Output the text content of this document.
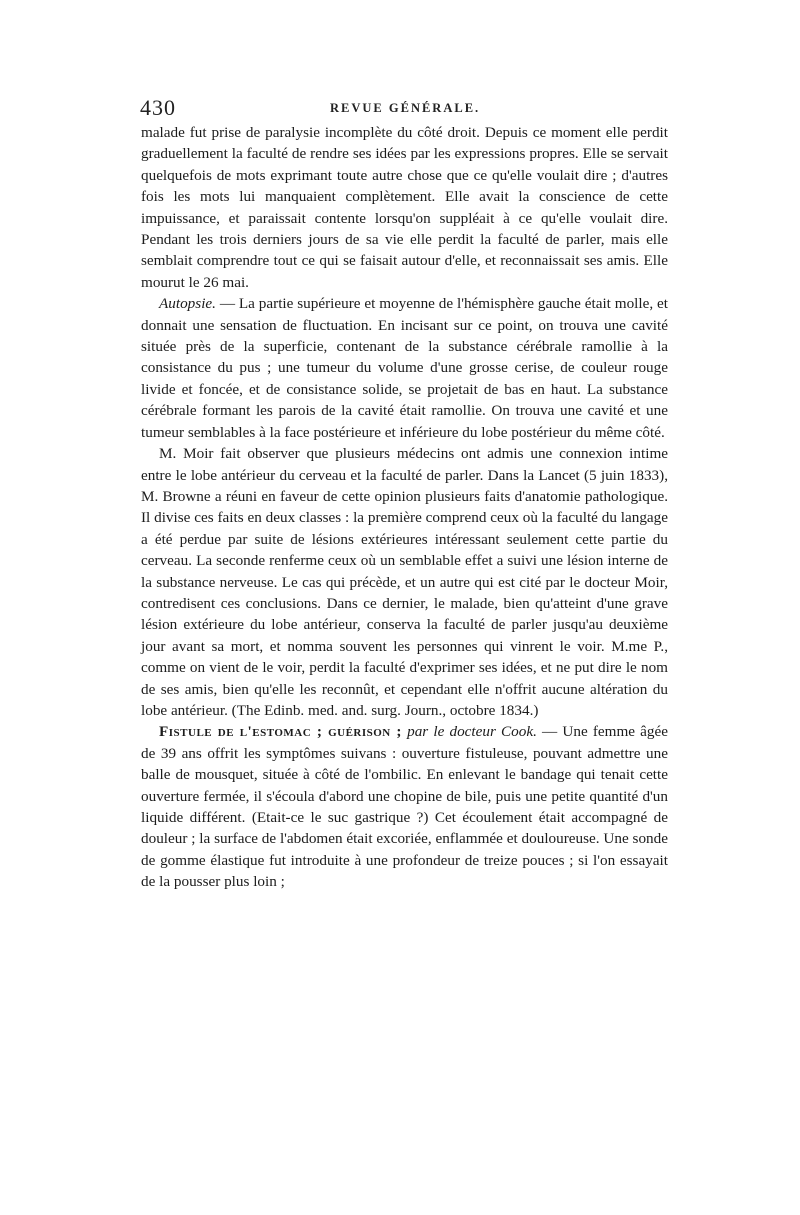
430	REVUE GÉNÉRALE.

malade fut prise de paralysie incomplète du côté droit. Depuis ce moment elle perdit graduellement la faculté de rendre ses idées par les expressions propres. Elle se servait quelquefois de mots exprimant toute autre chose que ce qu'elle voulait dire ; d'autres fois les mots lui manquaient complètement. Elle avait la conscience de cette impuissance, et paraissait contente lorsqu'on suppléait à ce qu'elle voulait dire. Pendant les trois derniers jours de sa vie elle perdit la faculté de parler, mais elle semblait comprendre tout ce qui se faisait autour d'elle, et reconnaissait ses amis. Elle mourut le 26 mai.

Autopsie. — La partie supérieure et moyenne de l'hémisphère gauche était molle, et donnait une sensation de fluctuation. En incisant sur ce point, on trouva une cavité située près de la superficie, contenant de la substance cérébrale ramollie à la consistance du pus ; une tumeur du volume d'une grosse cerise, de couleur rouge livide et foncée, et de consistance solide, se projetait de bas en haut. La substance cérébrale formant les parois de la cavité était ramollie. On trouva une cavité et une tumeur semblables à la face postérieure et inférieure du lobe postérieur du même côté.

M. Moir fait observer que plusieurs médecins ont admis une connexion intime entre le lobe antérieur du cerveau et la faculté de parler. Dans la Lancet (5 juin 1833), M. Browne a réuni en faveur de cette opinion plusieurs faits d'anatomie pathologique. Il divise ces faits en deux classes : la première comprend ceux où la faculté du langage a été perdue par suite de lésions extérieures intéressant seulement cette partie du cerveau. La seconde renferme ceux où un semblable effet a suivi une lésion interne de la substance nerveuse. Le cas qui précède, et un autre qui est cité par le docteur Moir, contredisent ces conclusions. Dans ce dernier, le malade, bien qu'atteint d'une grave lésion extérieure du lobe antérieur, conserva la faculté de parler jusqu'au deuxième jour avant sa mort, et nomma souvent les personnes qui vinrent le voir. M.me P., comme on vient de le voir, perdit la faculté d'exprimer ses idées, et ne put dire le nom de ses amis, bien qu'elle les reconnût, et cependant elle n'offrit aucune altération du lobe antérieur. (The Edinb. med. and. surg. Journ., octobre 1834.)

Fistule de l'estomac ; guérison ; par le docteur Cook. — Une femme âgée de 39 ans offrit les symptômes suivans : ouverture fistuleuse, pouvant admettre une balle de mousquet, située à côté de l'ombilic. En enlevant le bandage qui tenait cette ouverture fermée, il s'écoula d'abord une chopine de bile, puis une petite quantité d'un liquide différent. (Etait-ce le suc gastrique ?) Cet écoulement était accompagné de douleur ; la surface de l'abdomen était excoriée, enflammée et douloureuse. Une sonde de gomme élastique fut introduite à une profondeur de treize pouces ; si l'on essayait de la pousser plus loin ;
